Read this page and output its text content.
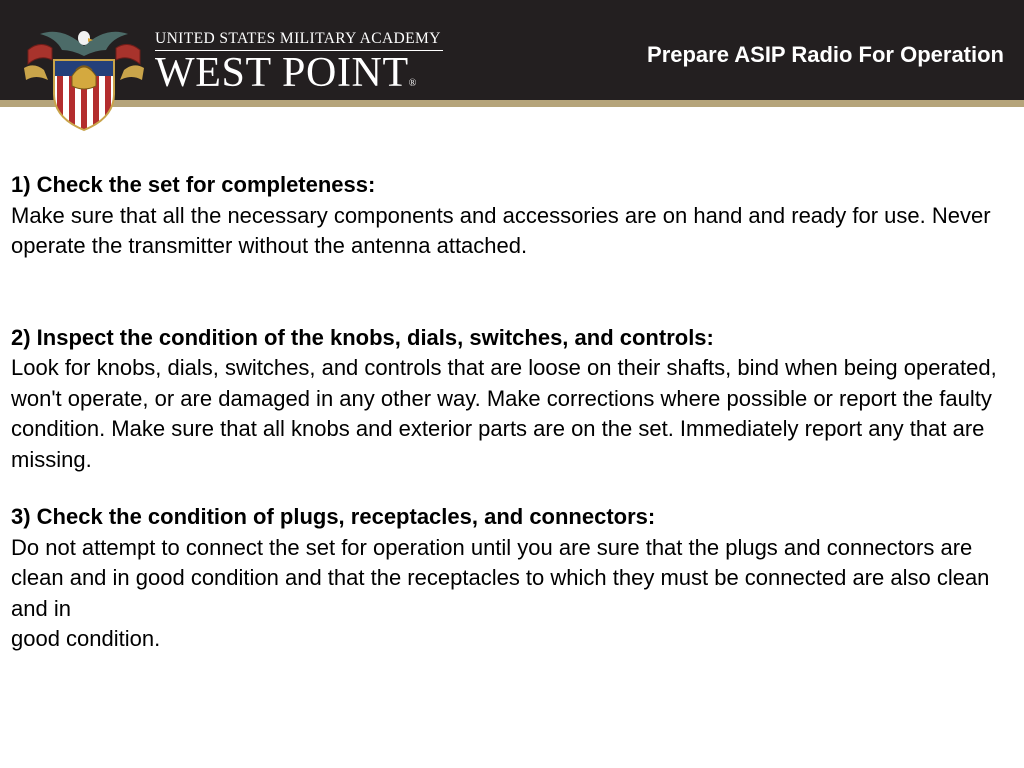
UNITED STATES MILITARY ACADEMY
WEST POINT®
Prepare ASIP Radio For Operation
1) Check the set for completeness:
Make sure that all the necessary components and accessories are on hand and ready for use. Never operate the transmitter without the antenna attached.
2) Inspect the condition of the knobs, dials, switches, and controls:
Look for knobs, dials, switches, and controls that are loose on their shafts, bind when being operated, won't operate, or are damaged in any other way. Make corrections where possible or report the faulty condition. Make sure that all knobs and exterior parts are on the set. Immediately report any that are
missing.
3) Check the condition of plugs, receptacles, and connectors:
Do not attempt to connect the set for operation until you are sure that the plugs and connectors are clean and in good condition and that the receptacles to which they must be connected are also clean and in
good condition.
